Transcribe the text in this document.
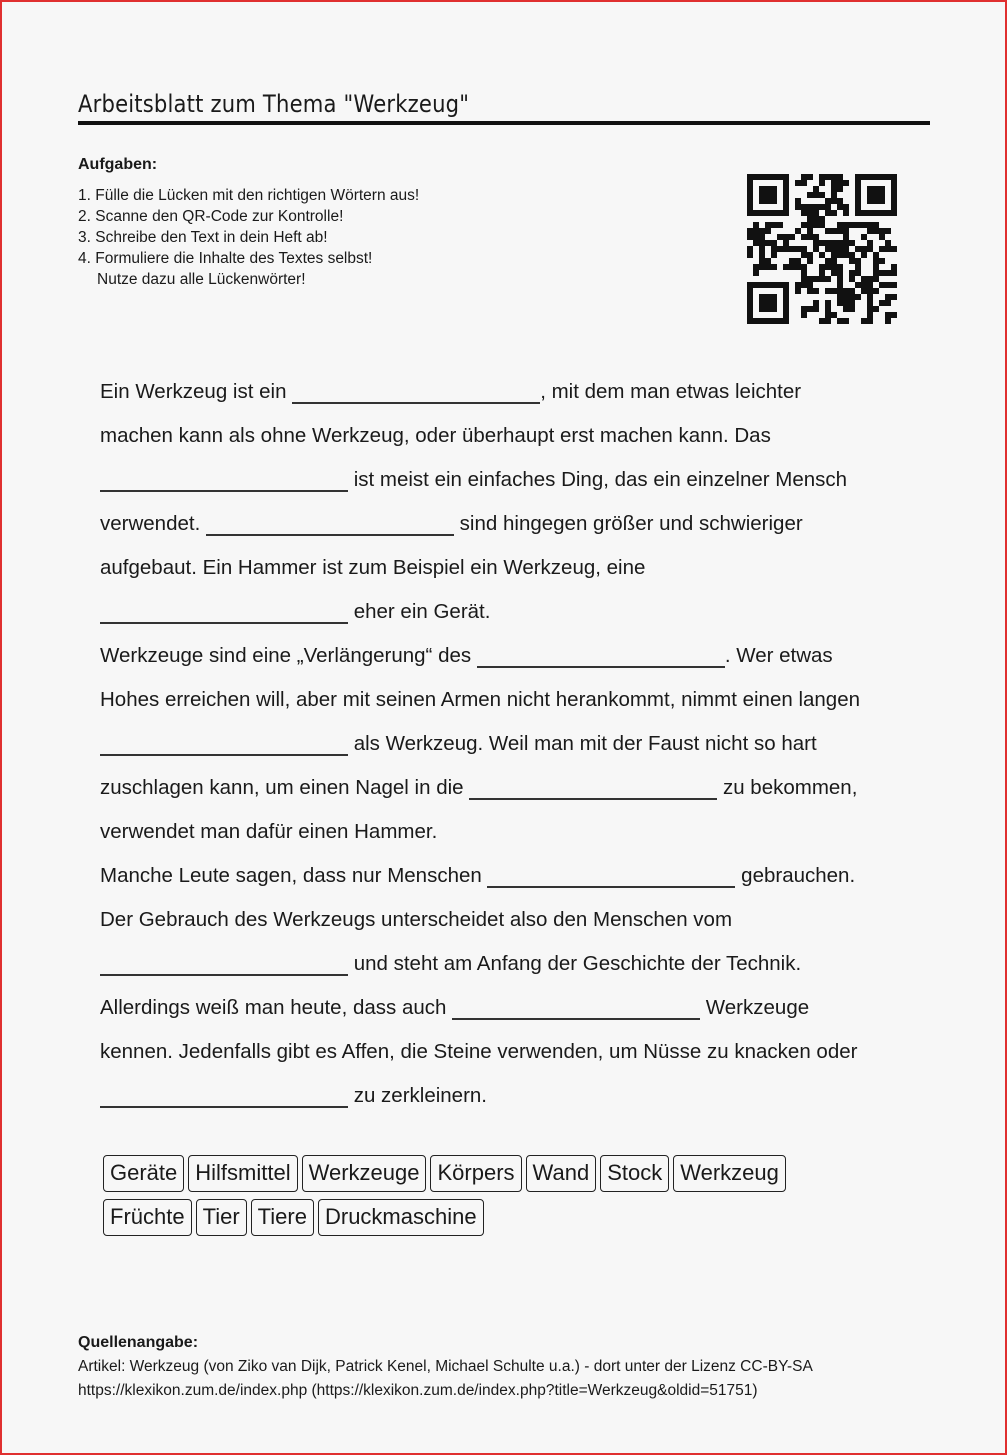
Arbeitsblatt zum Thema "Werkzeug"
Aufgaben:
1. Fülle die Lücken mit den richtigen Wörtern aus!
2. Scanne den QR-Code zur Kontrolle!
3. Schreibe den Text in dein Heft ab!
4. Formuliere die Inhalte des Textes selbst!
Nutze dazu alle Lückenwörter!
Ein Werkzeug ist ein	, mit dem man etwas leichter
machen kann als ohne Werkzeug, oder überhaupt erst machen kann. Das
ist meist ein einfaches Ding, das ein einzelner Mensch
verwendet.	sind hingegen größer und schwieriger
aufgebaut. Ein Hammer ist zum Beispiel ein Werkzeug, eine
eher ein Gerät.
Werkzeuge sind eine „Verlängerung“ des	. Wer etwas
Hohes erreichen will, aber mit seinen Armen nicht herankommt, nimmt einen langen
als Werkzeug. Weil man mit der Faust nicht so hart
zuschlagen kann, um einen Nagel in die	zu bekommen,
verwendet man dafür einen Hammer.
Manche Leute sagen, dass nur Menschen	gebrauchen.
Der Gebrauch des Werkzeugs unterscheidet also den Menschen vom
und steht am Anfang der Geschichte der Technik.
Allerdings weiß man heute, dass auch	Werkzeuge
kennen. Jedenfalls gibt es Affen, die Steine verwenden, um Nüsse zu knacken oder
zu zerkleinern.
Geräte Hilfsmittel Werkzeuge Körpers Wand Stock Werkzeug
Früchte Tier Tiere Druckmaschine
Quellenangabe:
Artikel: Werkzeug (von Ziko van Dijk, Patrick Kenel, Michael Schulte u.a.) - dort unter der Lizenz CC-BY-SA
https://klexikon.zum.de/index.php (https://klexikon.zum.de/index.php?title=Werkzeug&oldid=51751)
